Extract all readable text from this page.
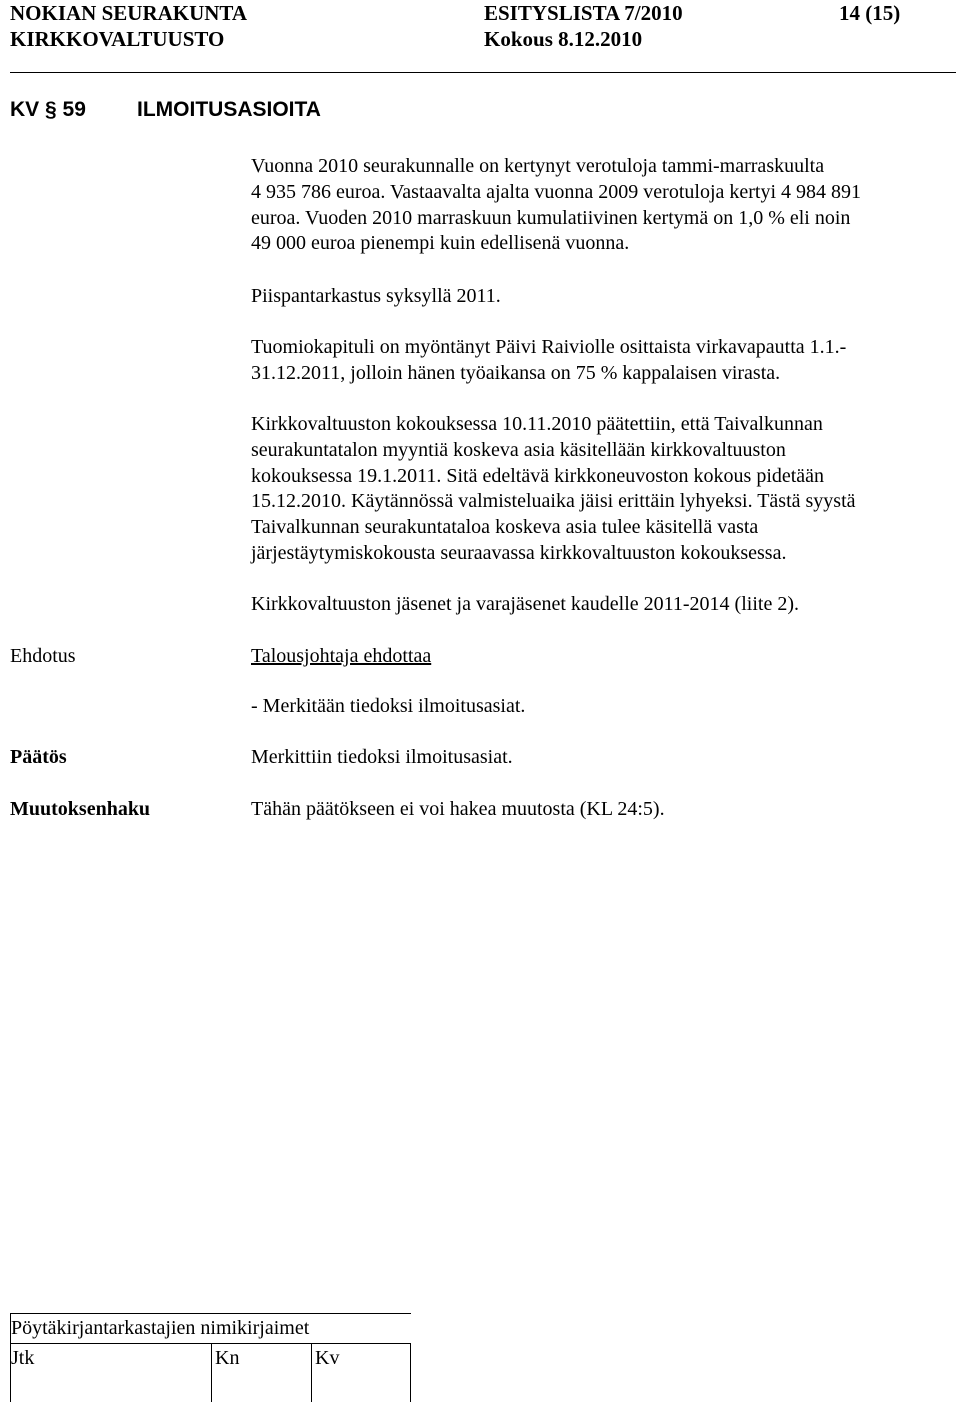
NOKIAN SEURAKUNTA	ESITYSLISTA 7/2010	14 (15)
KIRKKOVALTUUSTO	Kokous 8.12.2010
KV § 59 ILMOITUSASIOITA
Vuonna 2010 seurakunnalle on kertynyt verotuloja tammi-marraskuulta
4 935 786 euroa. Vastaavalta ajalta vuonna 2009 verotuloja kertyi 4 984 891
euroa. Vuoden 2010 marraskuun kumulatiivinen kertymä on 1,0 % eli noin
49 000 euroa pienempi kuin edellisenä vuonna.
Piispantarkastus syksyllä 2011.
Tuomiokapituli on myöntänyt Päivi Raiviolle osittaista virkavapautta 1.1.-
31.12.2011, jolloin hänen työaikansa on 75 % kappalaisen virasta.
Kirkkovaltuuston kokouksessa 10.11.2010 päätettiin, että Taivalkunnan
seurakuntatalon myyntiä koskeva asia käsitellään kirkkovaltuuston
kokouksessa 19.1.2011. Sitä edeltävä kirkkoneuvoston kokous pidetään
15.12.2010. Käytännössä valmisteluaika jäisi erittäin lyhyeksi. Tästä syystä
Taivalkunnan seurakuntataloa koskeva asia tulee käsitellä vasta
järjestäytymiskokousta seuraavassa kirkkovaltuuston kokouksessa.
Kirkkovaltuuston jäsenet ja varajäsenet kaudelle 2011-2014 (liite 2).
Ehdotus	Talousjohtaja ehdottaa
- Merkitään tiedoksi ilmoitusasiat.
Päätös	Merkittiin tiedoksi ilmoitusasiat.
Muutoksenhaku	Tähän päätökseen ei voi hakea muutosta (KL 24:5).
Pöytäkirjantarkastajien nimikirjaimet
Jtk	Kn	Kv
